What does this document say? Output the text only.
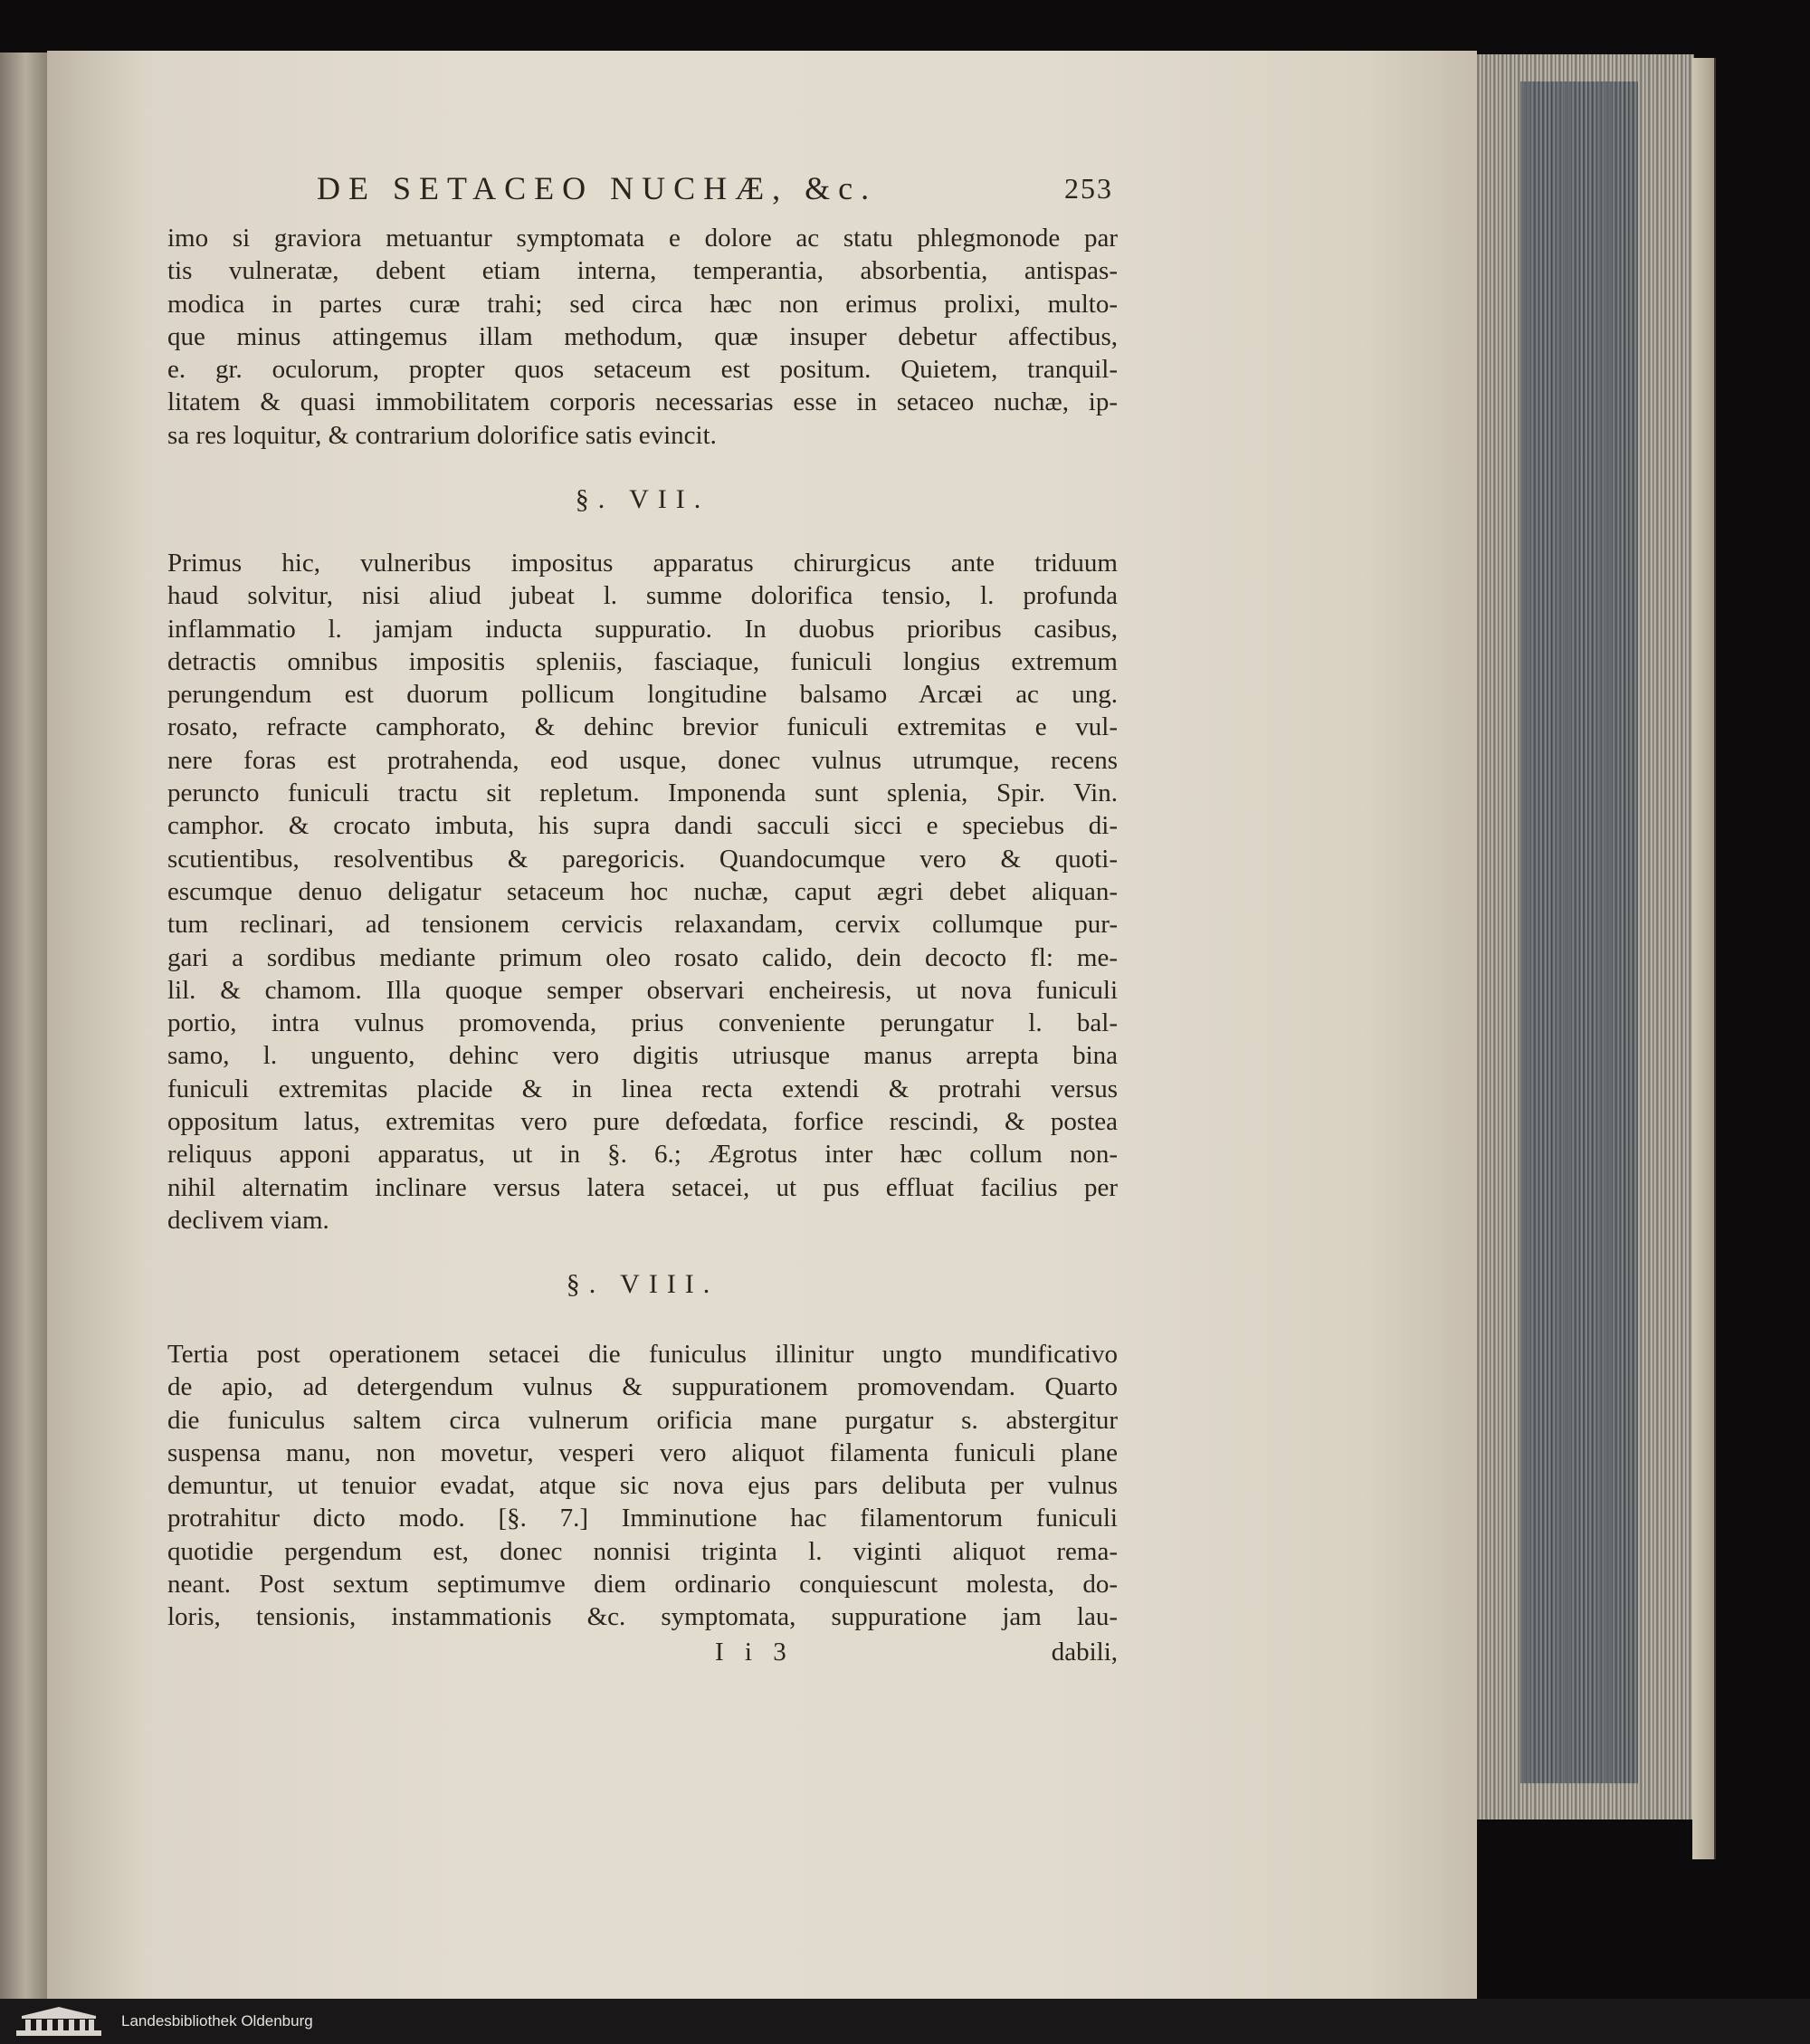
DE SETACEO NUCHÆ, &c.	253
imo si graviora metuantur symptomata e dolore ac statu phlegmonode par
tis vulneratæ, debent etiam interna, temperantia, absorbentia, antispas-
modica in partes curæ trahi; sed circa hæc non erimus prolixi, multo-
que minus attingemus illam methodum, quæ insuper debetur affectibus,
e. gr. oculorum, propter quos setaceum est positum. Quietem, tranquil-
litatem & quasi immobilitatem corporis necessarias esse in setaceo nuchæ, ip-
sa res loquitur, & contrarium dolorifice satis evincit.
§. VII.
Primus hic, vulneribus impositus apparatus chirurgicus ante triduum
haud solvitur, nisi aliud jubeat l. summe dolorifica tensio, l. profunda
inflammatio l. jamjam inducta suppuratio. In duobus prioribus casibus,
detractis omnibus impositis spleniis, fasciaque, funiculi longius extremum
perungendum est duorum pollicum longitudine balsamo Arcæi ac ung.
rosato, refracte camphorato, & dehinc brevior funiculi extremitas e vul-
nere foras est protrahenda, eod usque, donec vulnus utrumque, recens
peruncto funiculi tractu sit repletum. Imponenda sunt splenia, Spir. Vin.
camphor. & crocato imbuta, his supra dandi sacculi sicci e speciebus di-
scutientibus, resolventibus & paregoricis. Quandocumque vero & quoti-
escumque denuo deligatur setaceum hoc nuchæ, caput ægri debet aliquan-
tum reclinari, ad tensionem cervicis relaxandam, cervix collumque pur-
gari a sordibus mediante primum oleo rosato calido, dein decocto fl: me-
lil. & chamom. Illa quoque semper observari encheiresis, ut nova funiculi
portio, intra vulnus promovenda, prius conveniente perungatur l. bal-
samo, l. unguento, dehinc vero digitis utriusque manus arrepta bina
funiculi extremitas placide & in linea recta extendi & protrahi versus
oppositum latus, extremitas vero pure defœdata, forfice rescindi, & postea
reliquus apponi apparatus, ut in §. 6.; Ægrotus inter hæc collum non-
nihil alternatim inclinare versus latera setacei, ut pus effluat facilius per
declivem viam.
§. VIII.
Tertia post operationem setacei die funiculus illinitur ungto mundificativo
de apio, ad detergendum vulnus & suppurationem promovendam. Quarto
die funiculus saltem circa vulnerum orificia mane purgatur s. abstergitur
suspensa manu, non movetur, vesperi vero aliquot filamenta funiculi plane
demuntur, ut tenuior evadat, atque sic nova ejus pars delibuta per vulnus
protrahitur dicto modo. [§. 7.] Imminutione hac filamentorum funiculi
quotidie pergendum est, donec nonnisi triginta l. viginti aliquot rema-
neant. Post sextum septimumve diem ordinario conquiescunt molesta, do-
loris, tensionis, instammationis &c. symptomata, suppuratione jam lau-
I i 3	dabili,
Landesbibliothek Oldenburg
